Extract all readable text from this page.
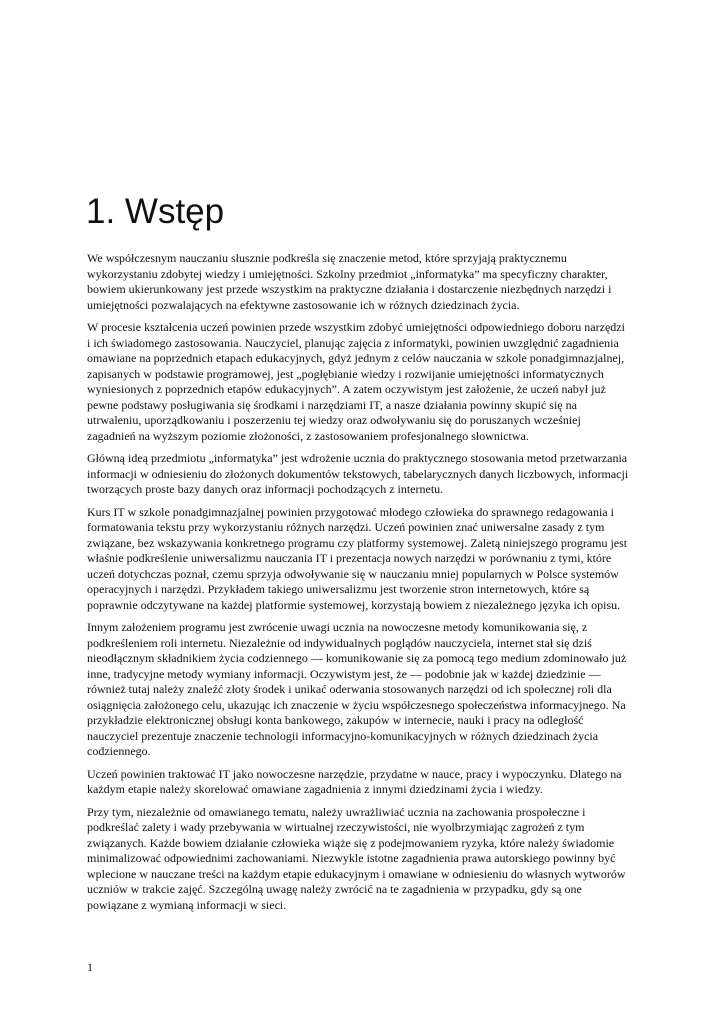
1. Wstęp

We współczesnym nauczaniu słusznie podkreśla się znaczenie metod, które sprzyjają praktycznemu
wykorzystaniu zdobytej wiedzy i umiejętności. Szkolny przedmiot „informatyka” ma specyficzny charakter,
bowiem ukierunkowany jest przede wszystkim na praktyczne działania i dostarczenie niezbędnych narzędzi i
umiejętności pozwalających na efektywne zastosowanie ich w różnych dziedzinach życia.

W procesie kształcenia uczeń powinien przede wszystkim zdobyć umiejętności odpowiedniego doboru narzędzi
i ich świadomego zastosowania. Nauczyciel, planując zajęcia z informatyki, powinien uwzględnić zagadnienia
omawiane na poprzednich etapach edukacyjnych, gdyż jednym z celów nauczania w szkole ponadgimnazjalnej,
zapisanych w podstawie programowej, jest „pogłębianie wiedzy i rozwijanie umiejętności informatycznych
wyniesionych z poprzednich etapów edukacyjnych”. A zatem oczywistym jest założenie, że uczeń nabył już
pewne podstawy posługiwania się środkami i narzędziami IT, a nasze działania powinny skupić się na
utrwaleniu, uporządkowaniu i poszerzeniu tej wiedzy oraz odwoływaniu się do poruszanych wcześniej
zagadnień na wyższym poziomie złożoności, z zastosowaniem profesjonalnego słownictwa.

Główną ideą przedmiotu „informatyka” jest wdrożenie ucznia do praktycznego stosowania metod przetwarzania
informacji w odniesieniu do złożonych dokumentów tekstowych, tabelarycznych danych liczbowych, informacji
tworzących proste bazy danych oraz informacji pochodzących z internetu.

Kurs IT w szkole ponadgimnazjalnej powinien przygotować młodego człowieka do sprawnego redagowania i
formatowania tekstu przy wykorzystaniu różnych narzędzi. Uczeń powinien znać uniwersalne zasady z tym
związane, bez wskazywania konkretnego programu czy platformy systemowej. Zaletą niniejszego programu jest
właśnie podkreślenie uniwersalizmu nauczania IT i prezentacja nowych narzędzi w porównaniu z tymi, które
uczeń dotychczas poznał, czemu sprzyja odwoływanie się w nauczaniu mniej popularnych w Polsce systemów
operacyjnych i narzędzi. Przykładem takiego uniwersalizmu jest tworzenie stron internetowych, które są
poprawnie odczytywane na każdej platformie systemowej, korzystają bowiem z niezależnego języka ich opisu.

Innym założeniem programu jest zwrócenie uwagi ucznia na nowoczesne metody komunikowania się, z
podkreśleniem roli internetu. Niezależnie od indywidualnych poglądów nauczyciela, internet stał się dziś
nieodłącznym składnikiem życia codziennego — komunikowanie się za pomocą tego medium zdominowało już
inne, tradycyjne metody wymiany informacji. Oczywistym jest, że — podobnie jak w każdej dziedzinie —
również tutaj należy znaleźć złoty środek i unikać oderwania stosowanych narzędzi od ich społecznej roli dla
osiągnięcia założonego celu, ukazując ich znaczenie w życiu współczesnego społeczeństwa informacyjnego. Na
przykładzie elektronicznej obsługi konta bankowego, zakupów w internecie, nauki i pracy na odległość
nauczyciel prezentuje znaczenie technologii informacyjno-komunikacyjnych w różnych dziedzinach życia
codziennego.

Uczeń powinien traktować IT jako nowoczesne narzędzie, przydatne w nauce, pracy i wypoczynku. Dlatego na
każdym etapie należy skorelować omawiane zagadnienia z innymi dziedzinami życia i wiedzy.

Przy tym, niezależnie od omawianego tematu, należy uwrażliwiać ucznia na zachowania prospołeczne i
podkreślać zalety i wady przebywania w wirtualnej rzeczywistości, nie wyolbrzymiając zagrożeń z tym
związanych. Każde bowiem działanie człowieka wiąże się z podejmowaniem ryzyka, które należy świadomie
minimalizować odpowiednimi zachowaniami. Niezwykle istotne zagadnienia prawa autorskiego powinny być
wplecione w nauczane treści na każdym etapie edukacyjnym i omawiane w odniesieniu do własnych wytworów
uczniów w trakcie zajęć. Szczególną uwagę należy zwrócić na te zagadnienia w przypadku, gdy są one
powiązane z wymianą informacji w sieci.

1
